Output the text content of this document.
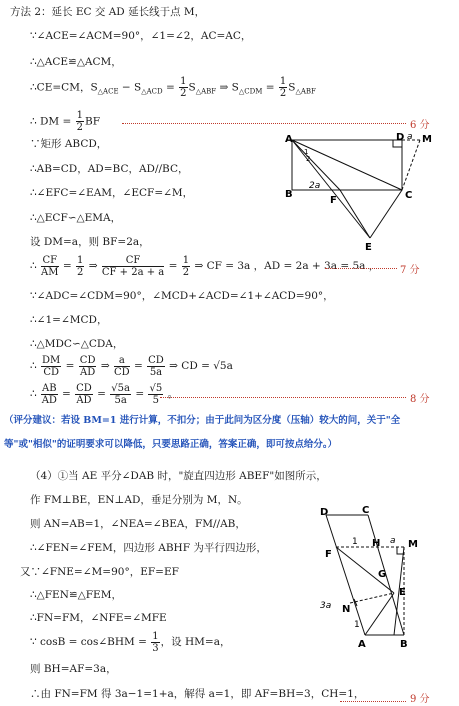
方法 2：延长 EC 交 AD 延长线于点 M，
∵∠ACE=∠ACM=90°，∠1=∠2，AC=AC，
∴△ACE≌△ACM，
∴CE=CM，$S_{\triangle ACE} - S_{\triangle ACD} = \frac{1}{2} S_{\triangle ABF}$ ⇒ $S_{\triangle CDM} = \frac{1}{2} S_{\triangle ABF}$
∴ DM = $\frac{1}{2}$ BF	6 分
∵矩形 ABCD，
∴AB=CD，AD=BC，AD//BC，
∴∠EFC=∠EAM，∠ECF=∠M，
∴△ECF∽△EMA，
设 DM=a，则 BF=2a，
∴ $\frac{CF}{AM} = \frac{1}{2}$ ⇒ $\frac{CF}{CF + 2a + a} = \frac{1}{2}$ ⇒ CF = 3a ，AD = 2a + 3a = 5a ， 7 分
∵∠ADC=∠CDM=90°，∠MCD+∠ACD=∠1+∠ACD=90°，
∴∠1=∠MCD，
∴△MDC∽△CDA，
∴ $\frac{DM}{CD} = \frac{CD}{AD}$ ⇒ $\frac{a}{CD} = \frac{CD}{5a}$ ⇒ CD = √5a
∴ $\frac{AB}{AD} = \frac{CD}{AD} = \frac{√5a}{5a} = \frac{√5}{5}$ 。	8 分
（评分建议：若设 BM=1 进行计算，不扣分；由于此问为区分度（压轴）较大的问，关于"全
等"或"相似"的证明要求可以降低，只要思路正确，答案正确，即可按点给分。）
（4）①当 AE 平分∠DAB 时，"旋直四边形 ABEF"如图所示，
作 FM⊥BE，EN⊥AD，垂足分别为 M，N。
则 AN=AB=1，∠NEA=∠BEA，FM//AB，
∴∠FEN=∠FEM，四边形 ABHF 为平行四边形，
又∵∠FNE=∠M=90°，EF=EF
∴△FEN≌△FEM，
∴FN=FM，∠NFE=∠MFE
∵ cosB = cos∠BHM = $\frac{1}{3}$ ，设 HM=a，
则 BH=AF=3a，
∴由 FN=FM 得 3a−1=1+a，解得 a=1，即 AF=BH=3，CH=1，	9 分
A	D a M
B	C
F
E
2a
1
2
D	C
H a M
1
F
G
E
N
3a
1
A	B
